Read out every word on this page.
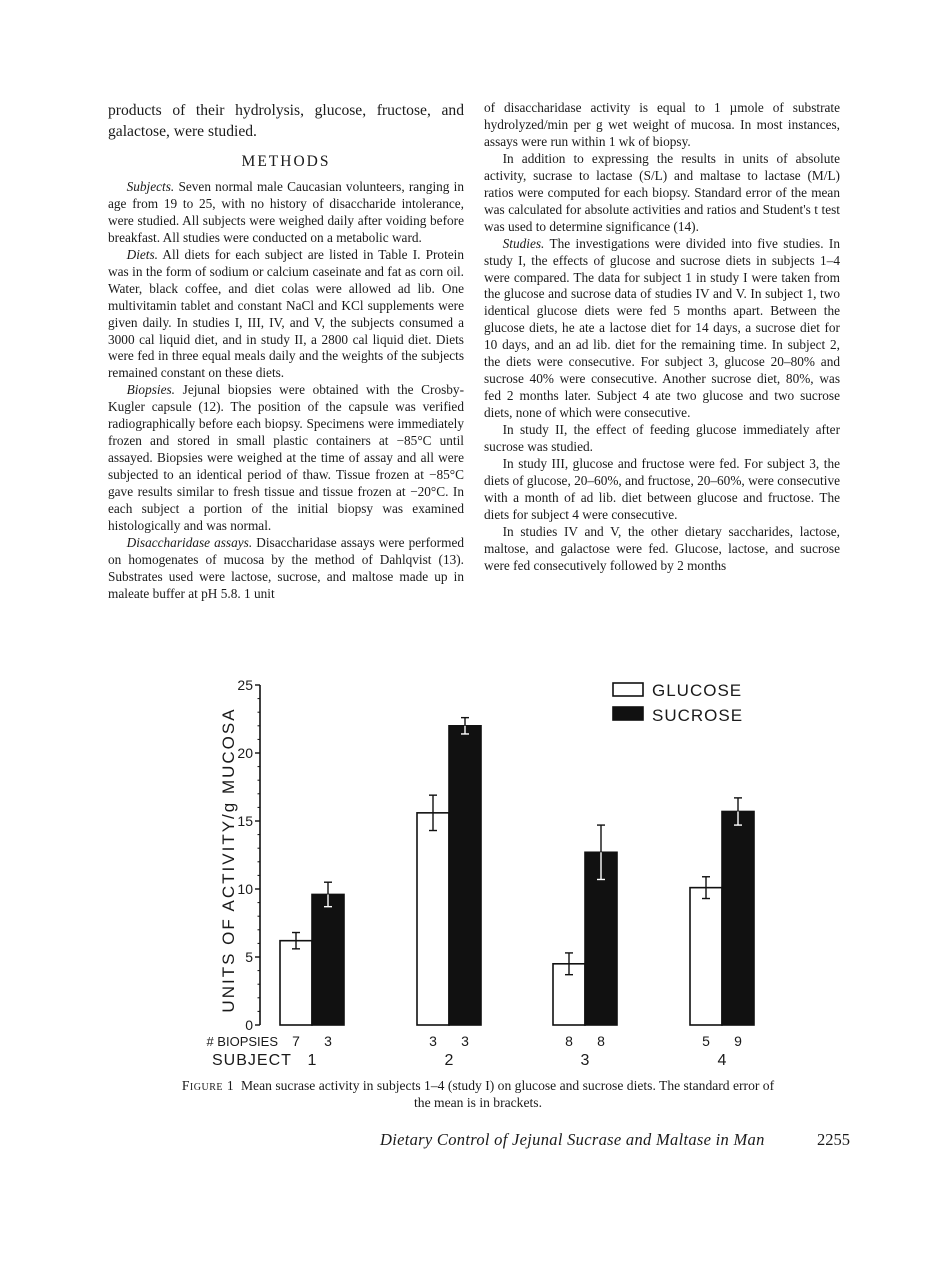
products of their hydrolysis, glucose, fructose, and galactose, were studied.

METHODS

Subjects. Seven normal male Caucasian volunteers, ranging in age from 19 to 25, with no history of disaccharide intolerance, were studied. All subjects were weighed daily after voiding before breakfast. All studies were conducted on a metabolic ward.

Diets. All diets for each subject are listed in Table I. Protein was in the form of sodium or calcium caseinate and fat as corn oil. Water, black coffee, and diet colas were allowed ad lib. One multivitamin tablet and constant NaCl and KCl supplements were given daily. In studies I, III, IV, and V, the subjects consumed a 3000 cal liquid diet, and in study II, a 2800 cal liquid diet. Diets were fed in three equal meals daily and the weights of the subjects remained constant on these diets.

Biopsies. Jejunal biopsies were obtained with the Crosby-Kugler capsule (12). The position of the capsule was verified radiographically before each biopsy. Specimens were immediately frozen and stored in small plastic containers at −85°C until assayed. Biopsies were weighed at the time of assay and all were subjected to an identical period of thaw. Tissue frozen at −85°C gave results similar to fresh tissue and tissue frozen at −20°C. In each subject a portion of the initial biopsy was examined histologically and was normal.

Disaccharidase assays. Disaccharidase assays were performed on homogenates of mucosa by the method of Dahlqvist (13). Substrates used were lactose, sucrose, and maltose made up in maleate buffer at pH 5.8. 1 unit

of disaccharidase activity is equal to 1 µmole of substrate hydrolyzed/min per g wet weight of mucosa. In most instances, assays were run within 1 wk of biopsy.

In addition to expressing the results in units of absolute activity, sucrase to lactase (S/L) and maltase to lactase (M/L) ratios were computed for each biopsy. Standard error of the mean was calculated for absolute activities and ratios and Student's t test was used to determine significance (14).

Studies. The investigations were divided into five studies. In study I, the effects of glucose and sucrose diets in subjects 1–4 were compared. The data for subject 1 in study I were taken from the glucose and sucrose data of studies IV and V. In subject 1, two identical glucose diets were fed 5 months apart. Between the glucose diets, he ate a lactose diet for 14 days, a sucrose diet for 10 days, and an ad lib. diet for the remaining time. In subject 2, the diets were consecutive. For subject 3, glucose 20–80% and sucrose 40% were consecutive. Another sucrose diet, 80%, was fed 2 months later. Subject 4 ate two glucose and two sucrose diets, none of which were consecutive.

In study II, the effect of feeding glucose immediately after sucrose was studied.

In study III, glucose and fructose were fed. For subject 3, the diets of glucose, 20–60%, and fructose, 20–60%, were consecutive with a month of ad lib. diet between glucose and fructose. The diets for subject 4 were consecutive.

In studies IV and V, the other dietary saccharides, lactose, maltose, and galactose were fed. Glucose, lactose, and sucrose were fed consecutively followed by 2 months

UNITS OF ACTIVITY/g MUCOSA
GLUCOSE
SUCROSE
# BIOPSIES
SUBJECT
0
5
10
15
20
25
7 3
1
3 3
2
8 8
3
5 9
4
Figure 1 Mean sucrase activity in subjects 1–4 (study I) on glucose and sucrose diets. The standard error of the mean is in brackets.
Dietary Control of Jejunal Sucrase and Maltase in Man	2255
